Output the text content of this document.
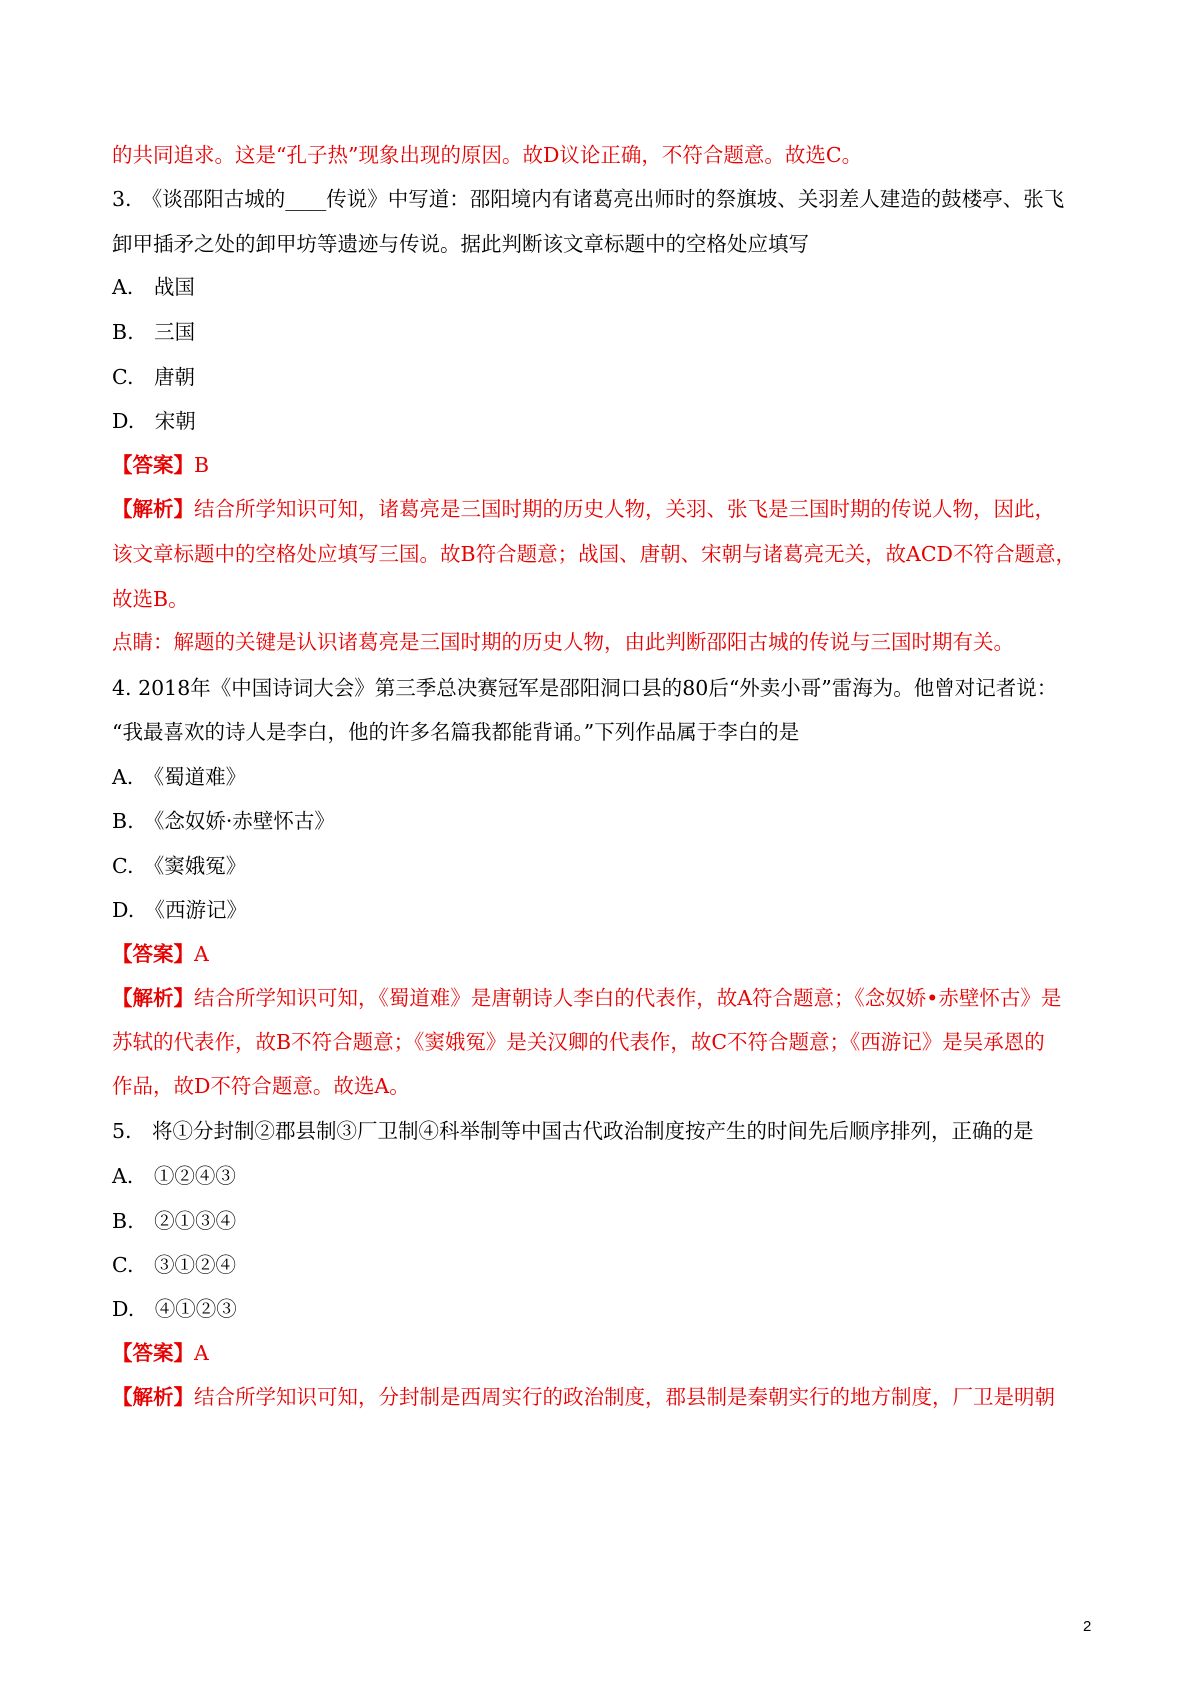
的共同追求。这是“孔子热”现象出现的原因。故D议论正确，不符合题意。故选C。
3.　《谈邵阳古城的____传说》中写道：邵阳境内有诸葛亮出师时的祭旗坡、关羽差人建造的鼓楼亭、张飞
卸甲插矛之处的卸甲坊等遗迹与传说。据此判断该文章标题中的空格处应填写
A.　战国
B.　三国
C.　唐朝
D.　宋朝
【答案】B
【解析】结合所学知识可知，诸葛亮是三国时期的历史人物，关羽、张飞是三国时期的传说人物，因此，
该文章标题中的空格处应填写三国。故B符合题意；战国、唐朝、宋朝与诸葛亮无关，故ACD不符合题意，
故选B。
点睛：解题的关键是认识诸葛亮是三国时期的历史人物，由此判断邵阳古城的传说与三国时期有关。
4. 2018年《中国诗词大会》第三季总决赛冠军是邵阳洞口县的80后“外卖小哥”雷海为。他曾对记者说：
“我最喜欢的诗人是李白，他的许多名篇我都能背诵。”下列作品属于李白的是
A.　《蜀道难》
B.　《念奴娇·赤壁怀古》
C.　《窦娥冤》
D.　《西游记》
【答案】A
【解析】结合所学知识可知，《蜀道难》是唐朝诗人李白的代表作，故A符合题意；《念奴娇•赤壁怀古》是
苏轼的代表作，故B不符合题意；《窦娥冤》是关汉卿的代表作，故C不符合题意；《西游记》是吴承恩的
作品，故D不符合题意。故选A。
5.　将①分封制②郡县制③厂卫制④科举制等中国古代政治制度按产生的时间先后顺序排列，正确的是
A.　①②④③
B.　②①③④
C.　③①②④
D.　④①②③
【答案】A
【解析】结合所学知识可知，分封制是西周实行的政治制度，郡县制是秦朝实行的地方制度，厂卫是明朝
2
